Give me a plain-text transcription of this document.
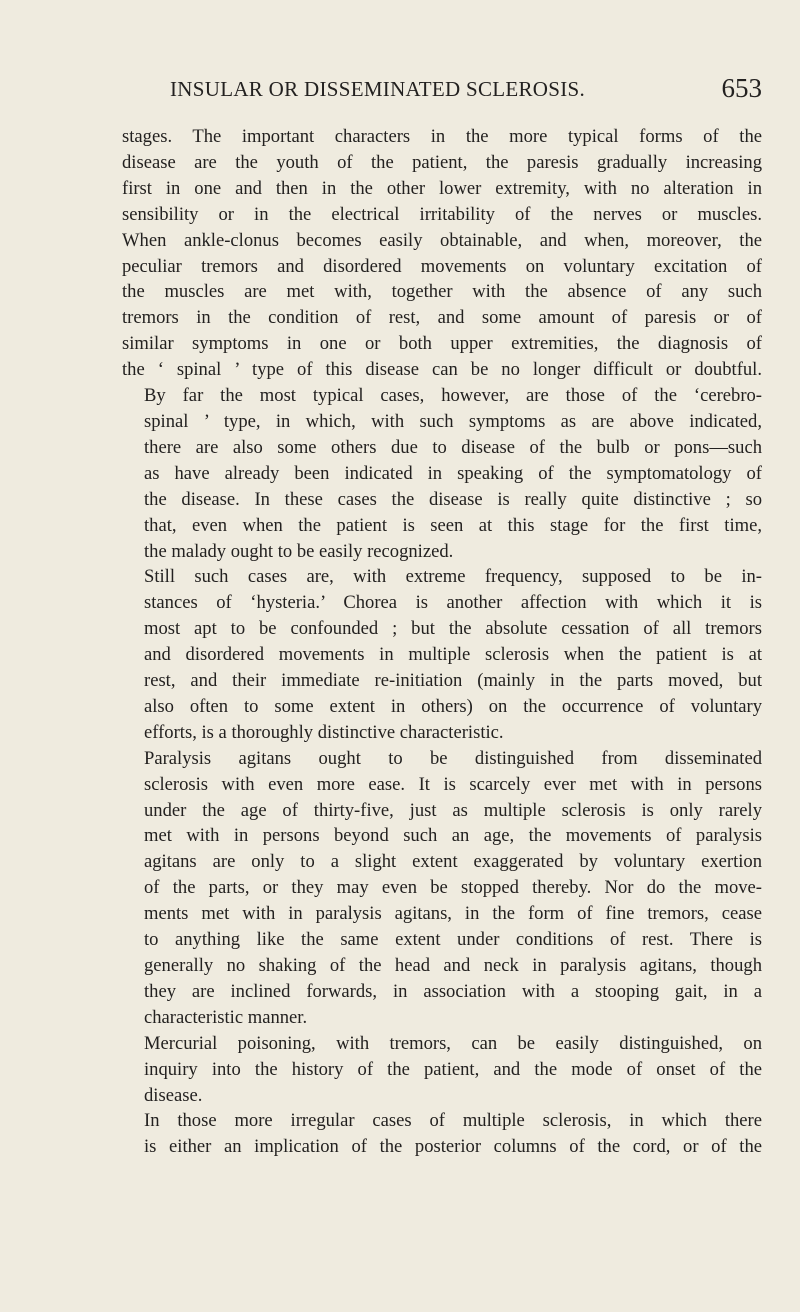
INSULAR OR DISSEMINATED SCLEROSIS.	653
stages. The important characters in the more typical forms of the
disease are the youth of the patient, the paresis gradually increasing
first in one and then in the other lower extremity, with no alteration in
sensibility or in the electrical irritability of the nerves or muscles.
When ankle-clonus becomes easily obtainable, and when, moreover, the
peculiar tremors and disordered movements on voluntary excitation of
the muscles are met with, together with the absence of any such
tremors in the condition of rest, and some amount of paresis or of
similar symptoms in one or both upper extremities, the diagnosis of
the ‘ spinal ’ type of this disease can be no longer difficult or doubtful.
By far the most typical cases, however, are those of the ‘cerebro-
spinal ’ type, in which, with such symptoms as are above indicated,
there are also some others due to disease of the bulb or pons—such
as have already been indicated in speaking of the symptomatology of
the disease. In these cases the disease is really quite distinctive ; so
that, even when the patient is seen at this stage for the first time,
the malady ought to be easily recognized.
Still such cases are, with extreme frequency, supposed to be in-
stances of ‘hysteria.’ Chorea is another affection with which it is
most apt to be confounded ; but the absolute cessation of all tremors
and disordered movements in multiple sclerosis when the patient is at
rest, and their immediate re-initiation (mainly in the parts moved, but
also often to some extent in others) on the occurrence of voluntary
efforts, is a thoroughly distinctive characteristic.
Paralysis agitans ought to be distinguished from disseminated
sclerosis with even more ease. It is scarcely ever met with in persons
under the age of thirty-five, just as multiple sclerosis is only rarely
met with in persons beyond such an age, the movements of paralysis
agitans are only to a slight extent exaggerated by voluntary exertion
of the parts, or they may even be stopped thereby. Nor do the move-
ments met with in paralysis agitans, in the form of fine tremors, cease
to anything like the same extent under conditions of rest. There is
generally no shaking of the head and neck in paralysis agitans, though
they are inclined forwards, in association with a stooping gait, in a
characteristic manner.
Mercurial poisoning, with tremors, can be easily distinguished, on
inquiry into the history of the patient, and the mode of onset of the
disease.
In those more irregular cases of multiple sclerosis, in which there
is either an implication of the posterior columns of the cord, or of the
